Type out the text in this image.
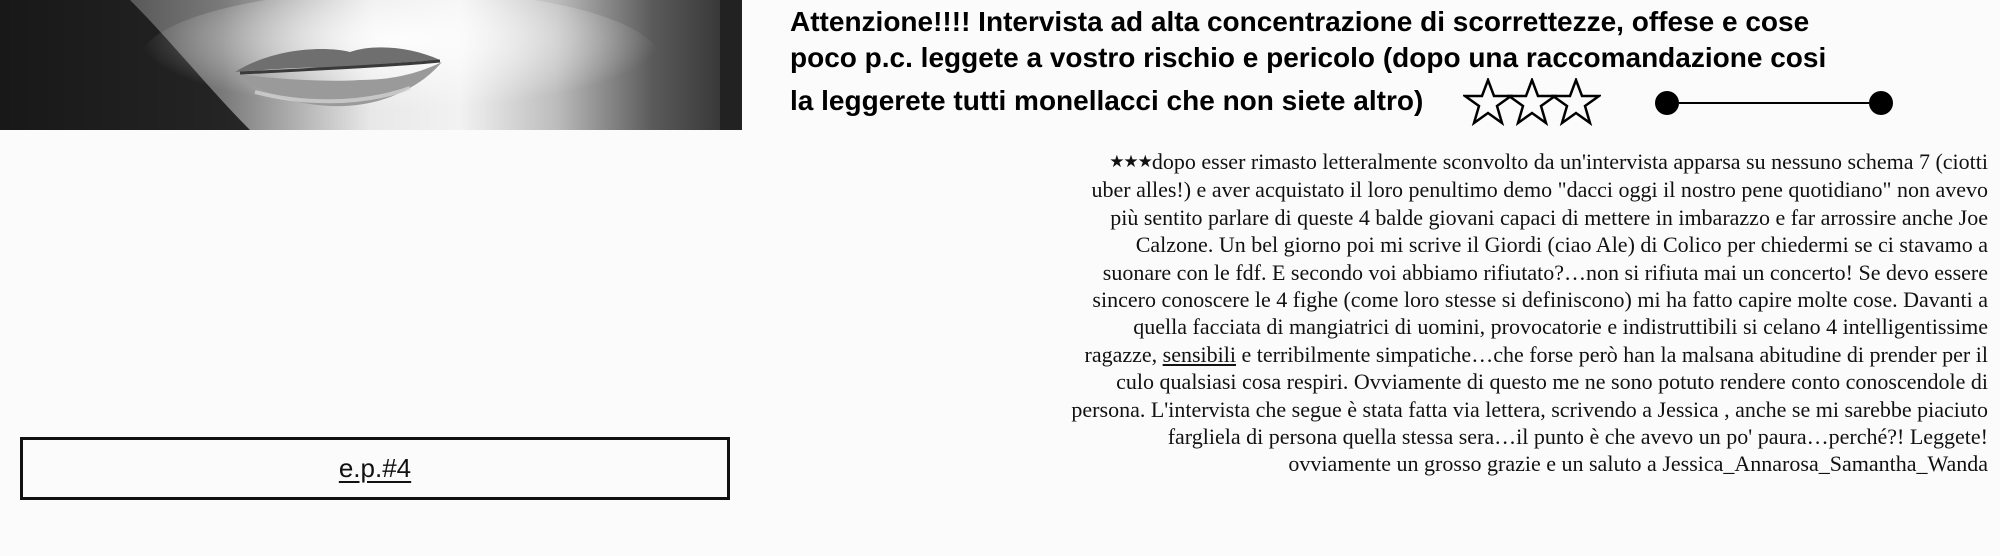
e.p.#4
Attenzione!!!! Intervista ad alta concentrazione di scorrettezze, offese e cose
poco p.c. leggete a vostro rischio e pericolo (dopo una raccomandazione cosi
la leggerete tutti monellacci che non siete altro)
★★★dopo esser rimasto letteralmente sconvolto da un'intervista apparsa su nessuno schema 7 (ciotti
uber alles!) e aver acquistato il loro penultimo demo "dacci oggi il nostro pene quotidiano" non avevo
più sentito parlare di queste 4 balde giovani capaci di mettere in imbarazzo e far arrossire anche Joe
Calzone. Un bel giorno poi mi scrive il Giordi (ciao Ale) di Colico per chiedermi se ci stavamo a
suonare con le fdf. E secondo voi abbiamo rifiutato?…non si rifiuta mai un concerto! Se devo essere
sincero conoscere le 4 fighe (come loro stesse si definiscono) mi ha fatto capire molte cose. Davanti a
quella facciata di mangiatrici di uomini, provocatorie e indistruttibili si celano 4 intelligentissime
ragazze, sensibili e terribilmente simpatiche…che forse però han la malsana abitudine di prender per il
culo qualsiasi cosa respiri. Ovviamente di questo me ne sono potuto rendere conto conoscendole di
persona. L'intervista che segue è stata fatta via lettera, scrivendo a Jessica , anche se mi sarebbe piaciuto
fargliela di persona quella stessa sera…il punto è che avevo un po' paura…perché?! Leggete!
ovviamente un grosso grazie e un saluto a Jessica_Annarosa_Samantha_Wanda
